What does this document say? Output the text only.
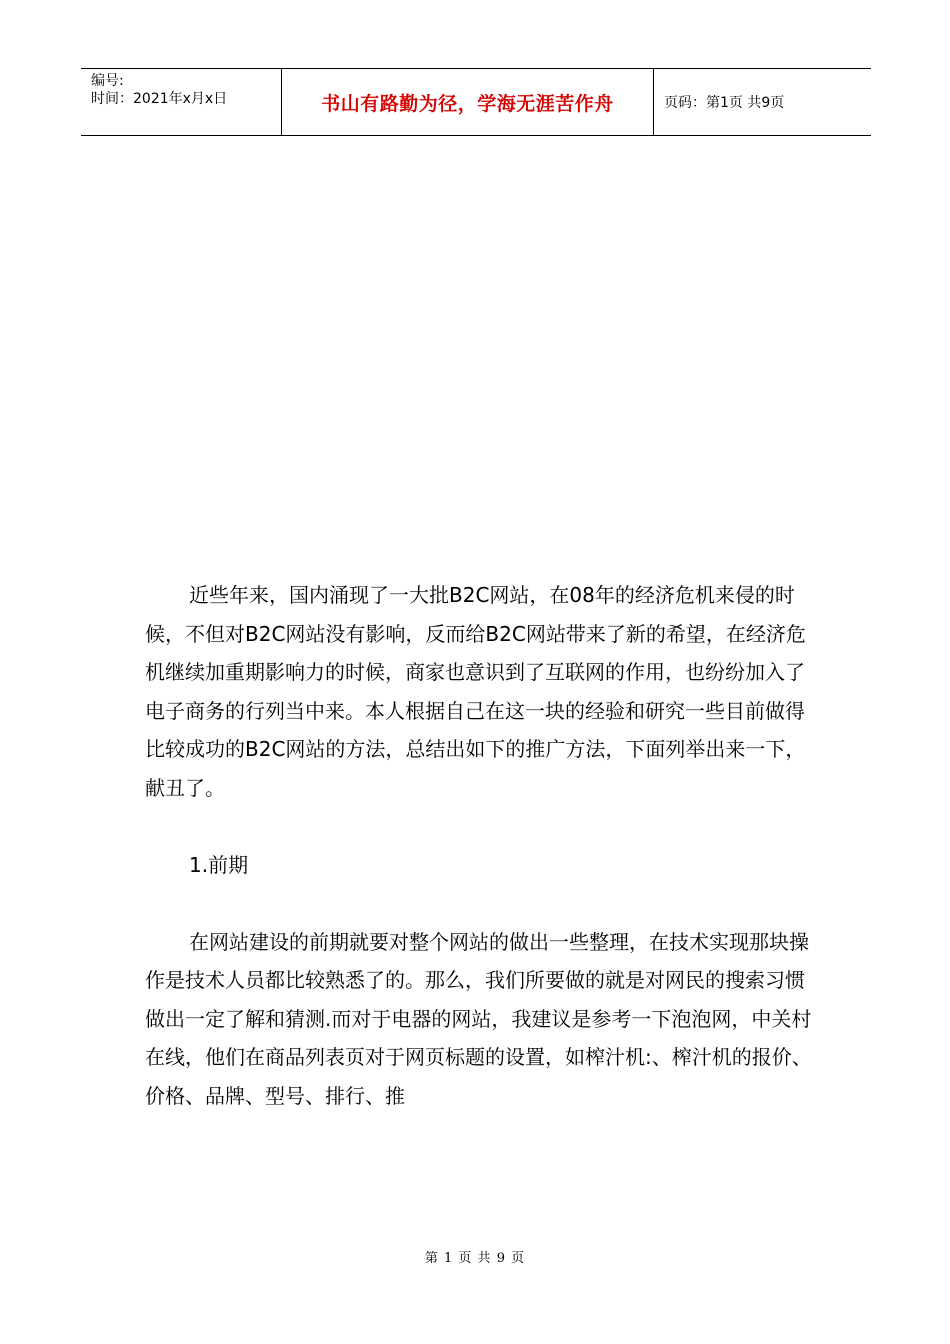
编号:
时间：2021年x月x日	书山有路勤为径，学海无涯苦作舟	页码：第1页 共9页

近些年来，国内涌现了一大批B2C网站，在08年的经济危机来侵的时候，不但对B2C网站没有影响，反而给B2C网站带来了新的希望，在经济危机继续加重期影响力的时候，商家也意识到了互联网的作用，也纷纷加入了电子商务的行列当中来。本人根据自己在这一块的经验和研究一些目前做得比较成功的B2C网站的方法，总结出如下的推广方法，下面列举出来一下，献丑了。

1.前期

在网站建设的前期就要对整个网站的做出一些整理，在技术实现那块操作是技术人员都比较熟悉了的。那么，我们所要做的就是对网民的搜索习惯做出一定了解和猜测.而对于电器的网站，我建议是参考一下泡泡网，中关村在线，他们在商品列表页对于网页标题的设置，如榨汁机:、榨汁机的报价、价格、品牌、型号、排行、推

第 1 页 共 9 页
